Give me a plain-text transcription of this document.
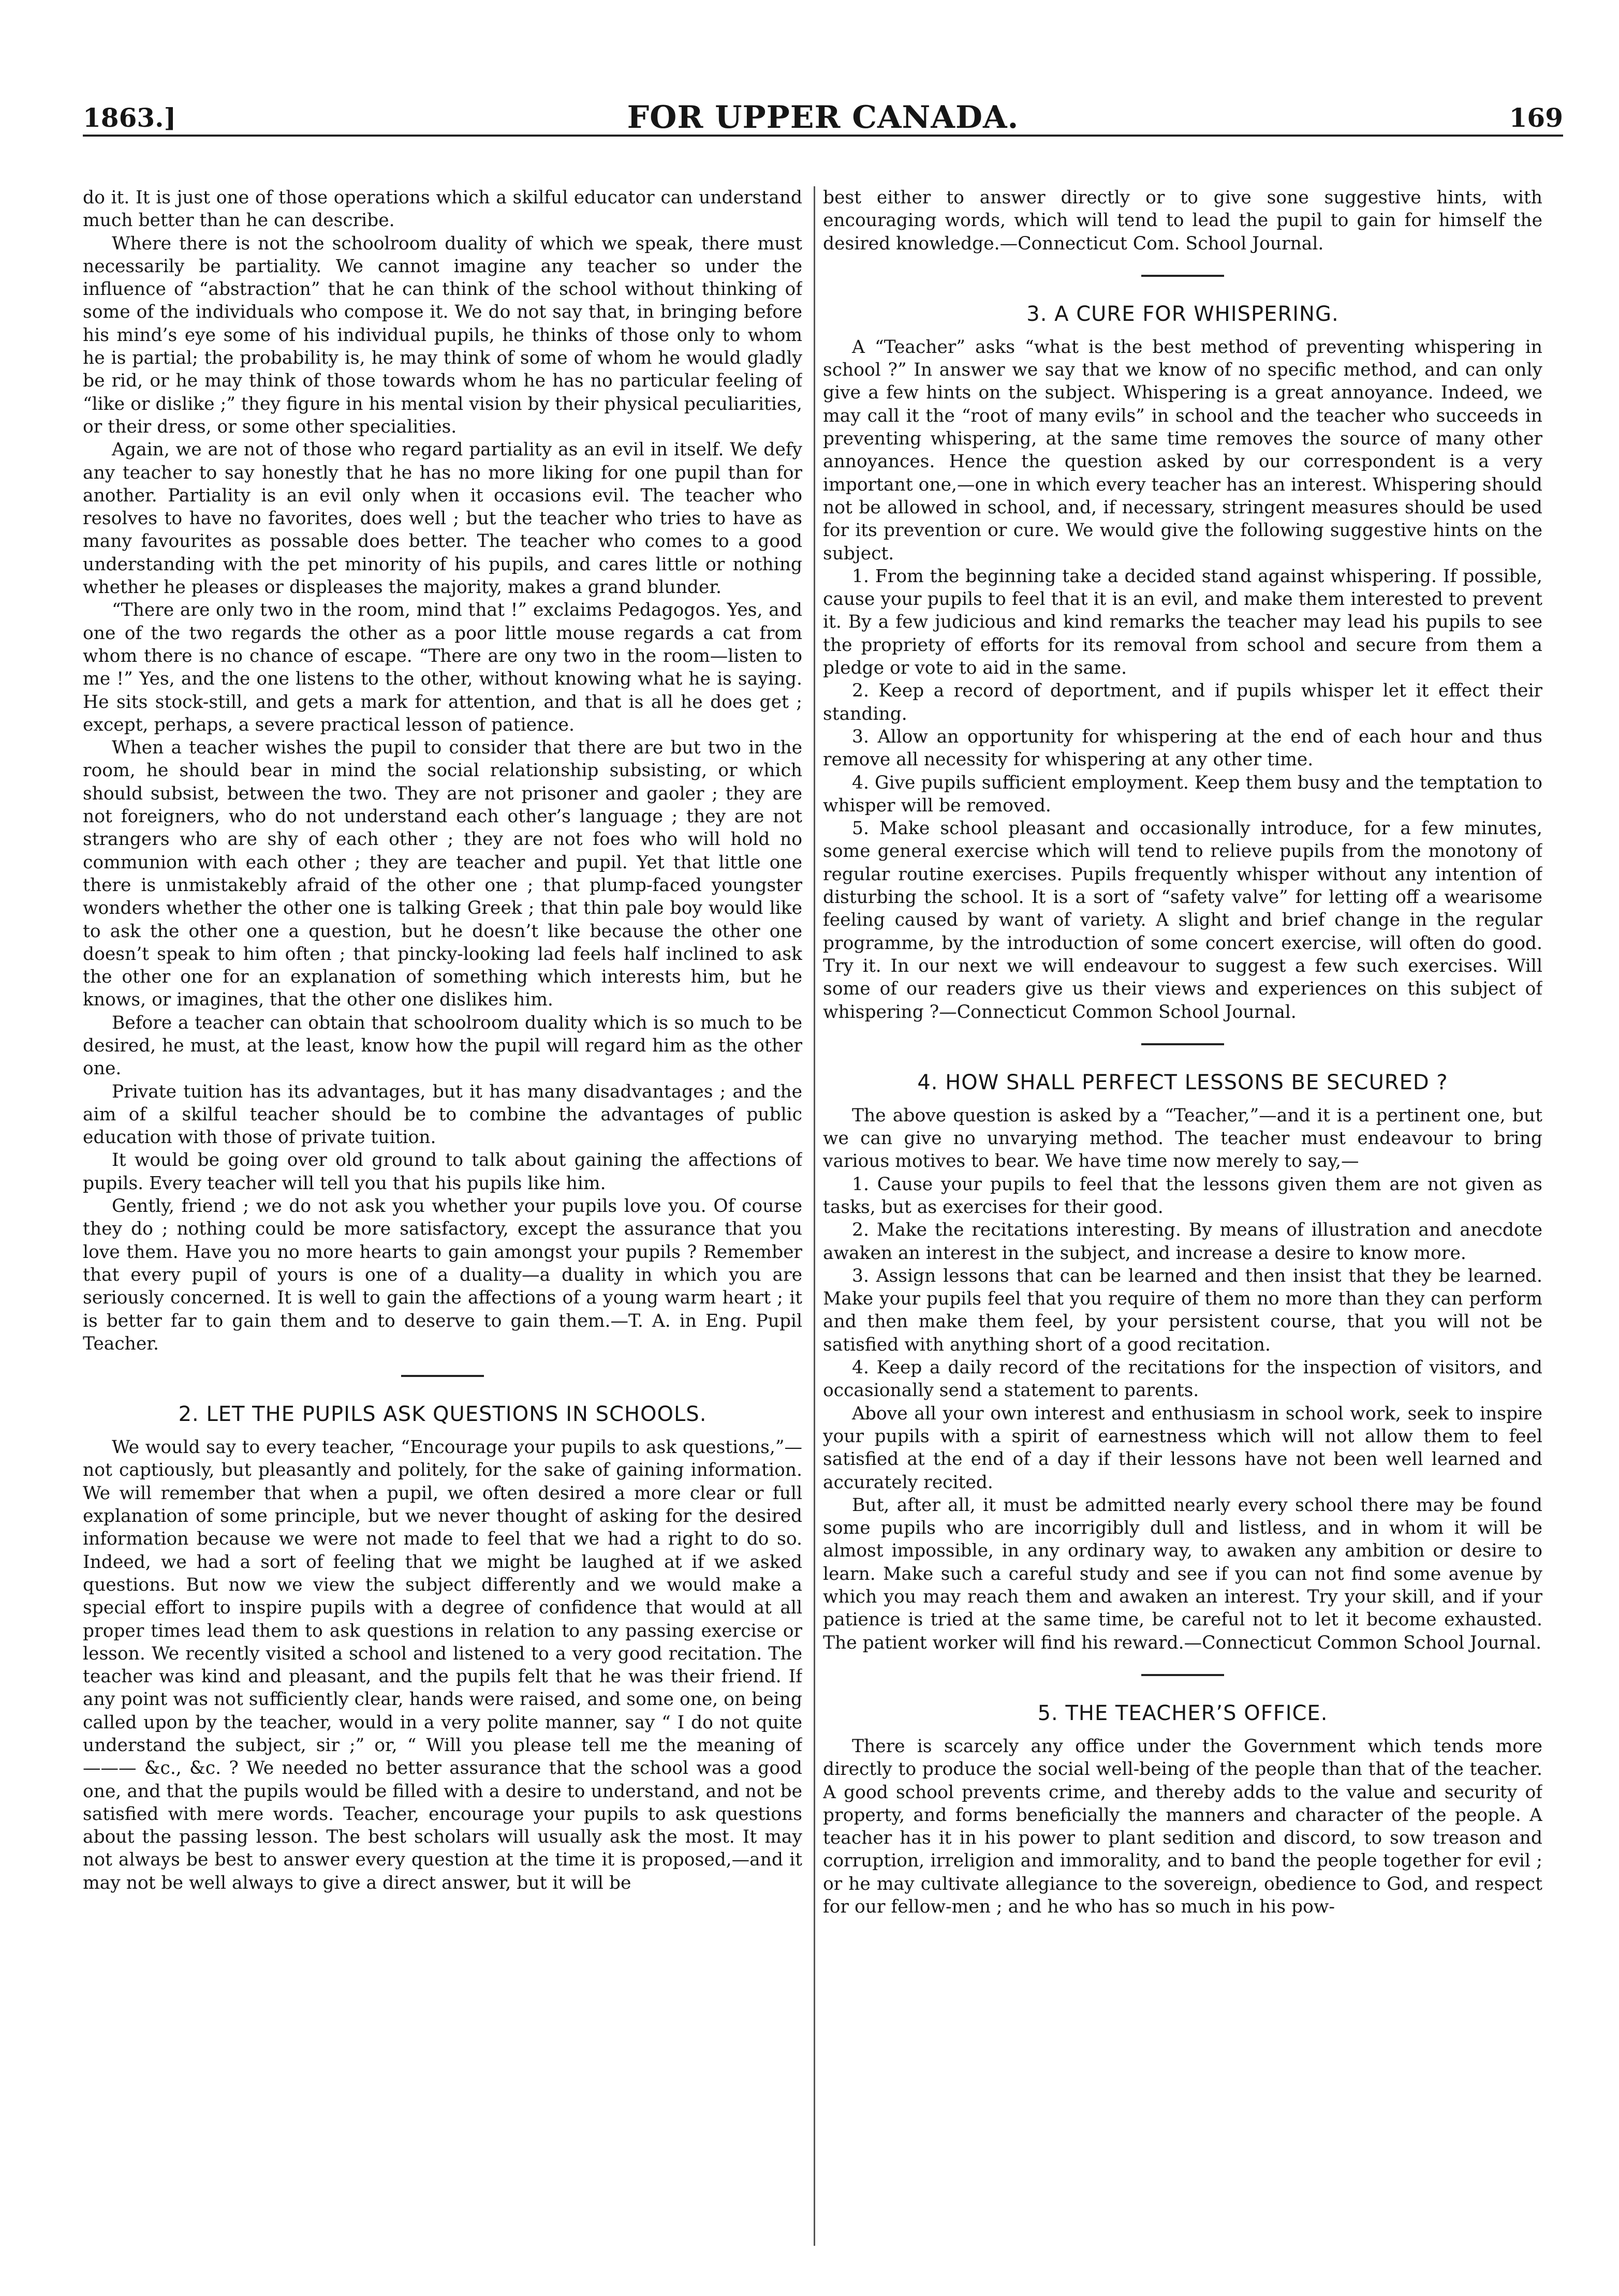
1863.]	FOR UPPER CANADA.	169

do it. It is just one of those operations which a skilful educator can understand much better than he can describe.

Where there is not the schoolroom duality of which we speak, there must necessarily be partiality. We cannot imagine any teacher so under the influence of “abstraction” that he can think of the school without thinking of some of the individuals who compose it. We do not say that, in bringing before his mind’s eye some of his individual pupils, he thinks of those only to whom he is partial; the probability is, he may think of some of whom he would gladly be rid, or he may think of those towards whom he has no particular feeling of “like or dislike ;” they figure in his mental vision by their physical peculiarities, or their dress, or some other specialities.

Again, we are not of those who regard partiality as an evil in itself. We defy any teacher to say honestly that he has no more liking for one pupil than for another. Partiality is an evil only when it occasions evil. The teacher who resolves to have no favorites, does well ; but the teacher who tries to have as many favourites as possable does better. The teacher who comes to a good understanding with the pet minority of his pupils, and cares little or nothing whether he pleases or displeases the majority, makes a grand blunder.

“There are only two in the room, mind that !” exclaims Pedagogos. Yes, and one of the two regards the other as a poor little mouse regards a cat from whom there is no chance of escape. “There are ony two in the room—listen to me !” Yes, and the one listens to the other, without knowing what he is saying. He sits stock-still, and gets a mark for attention, and that is all he does get ; except, perhaps, a severe practical lesson of patience.

When a teacher wishes the pupil to consider that there are but two in the room, he should bear in mind the social relationship subsisting, or which should subsist, between the two. They are not prisoner and gaoler ; they are not foreigners, who do not understand each other’s language ; they are not strangers who are shy of each other ; they are not foes who will hold no communion with each other ; they are teacher and pupil. Yet that little one there is unmistakebly afraid of the other one ; that plump-faced youngster wonders whether the other one is talking Greek ; that thin pale boy would like to ask the other one a question, but he doesn’t like because the other one doesn’t speak to him often ; that pincky-looking lad feels half inclined to ask the other one for an explanation of something which interests him, but he knows, or imagines, that the other one dislikes him.

Before a teacher can obtain that schoolroom duality which is so much to be desired, he must, at the least, know how the pupil will regard him as the other one.

Private tuition has its advantages, but it has many disadvantages ; and the aim of a skilful teacher should be to combine the advantages of public education with those of private tuition.

It would be going over old ground to talk about gaining the affections of pupils. Every teacher will tell you that his pupils like him.

Gently, friend ; we do not ask you whether your pupils love you. Of course they do ; nothing could be more satisfactory, except the assurance that you love them. Have you no more hearts to gain amongst your pupils ? Remember that every pupil of yours is one of a duality—a duality in which you are seriously concerned. It is well to gain the affections of a young warm heart ; it is better far to gain them and to deserve to gain them.—T. A. in Eng. Pupil Teacher.

2. LET THE PUPILS ASK QUESTIONS IN SCHOOLS.

We would say to every teacher, “Encourage your pupils to ask questions,”—not captiously, but pleasantly and politely, for the sake of gaining information. We will remember that when a pupil, we often desired a more clear or full explanation of some principle, but we never thought of asking for the desired information because we were not made to feel that we had a right to do so. Indeed, we had a sort of feeling that we might be laughed at if we asked questions. But now we view the subject differently and we would make a special effort to inspire pupils with a degree of confidence that would at all proper times lead them to ask questions in relation to any passing exercise or lesson. We recently visited a school and listened to a very good recitation. The teacher was kind and pleasant, and the pupils felt that he was their friend. If any point was not sufficiently clear, hands were raised, and some one, on being called upon by the teacher, would in a very polite manner, say “ I do not quite understand the subject, sir ;” or, “ Will you please tell me the meaning of ——— &c., &c. ? We needed no better assurance that the school was a good one, and that the pupils would be filled with a desire to understand, and not be satisfied with mere words. Teacher, encourage your pupils to ask questions about the passing lesson. The best scholars will usually ask the most. It may not always be best to answer every question at the time it is proposed,—and it may not be well always to give a direct answer, but it will be

best either to answer directly or to give sone suggestive hints, with encouraging words, which will tend to lead the pupil to gain for himself the desired knowledge.—Connecticut Com. School Journal.

3. A CURE FOR WHISPERING.

A “Teacher” asks “what is the best method of preventing whispering in school ?” In answer we say that we know of no specific method, and can only give a few hints on the subject. Whispering is a great annoyance. Indeed, we may call it the “root of many evils” in school and the teacher who succeeds in preventing whispering, at the same time removes the source of many other annoyances. Hence the question asked by our correspondent is a very important one,—one in which every teacher has an interest. Whispering should not be allowed in school, and, if necessary, stringent measures should be used for its prevention or cure. We would give the following suggestive hints on the subject.

1. From the beginning take a decided stand against whispering. If possible, cause your pupils to feel that it is an evil, and make them interested to prevent it. By a few judicious and kind remarks the teacher may lead his pupils to see the propriety of efforts for its removal from school and secure from them a pledge or vote to aid in the same.

2. Keep a record of deportment, and if pupils whisper let it effect their standing.

3. Allow an opportunity for whispering at the end of each hour and thus remove all necessity for whispering at any other time.

4. Give pupils sufficient employment. Keep them busy and the temptation to whisper will be removed.

5. Make school pleasant and occasionally introduce, for a few minutes, some general exercise which will tend to relieve pupils from the monotony of regular routine exercises. Pupils frequently whisper without any intention of disturbing the school. It is a sort of “safety valve” for letting off a wearisome feeling caused by want of variety. A slight and brief change in the regular programme, by the introduction of some concert exercise, will often do good. Try it. In our next we will endeavour to suggest a few such exercises. Will some of our readers give us their views and experiences on this subject of whispering ?—Connecticut Common School Journal.

4. HOW SHALL PERFECT LESSONS BE SECURED ?

The above question is asked by a “Teacher,”—and it is a pertinent one, but we can give no unvarying method. The teacher must endeavour to bring various motives to bear. We have time now merely to say,—

1. Cause your pupils to feel that the lessons given them are not given as tasks, but as exercises for their good.

2. Make the recitations interesting. By means of illustration and anecdote awaken an interest in the subject, and increase a desire to know more.

3. Assign lessons that can be learned and then insist that they be learned. Make your pupils feel that you require of them no more than they can perform and then make them feel, by your persistent course, that you will not be satisfied with anything short of a good recitation.

4. Keep a daily record of the recitations for the inspection of visitors, and occasionally send a statement to parents.

Above all your own interest and enthusiasm in school work, seek to inspire your pupils with a spirit of earnestness which will not allow them to feel satisfied at the end of a day if their lessons have not been well learned and accurately recited.

But, after all, it must be admitted nearly every school there may be found some pupils who are incorrigibly dull and listless, and in whom it will be almost impossible, in any ordinary way, to awaken any ambition or desire to learn. Make such a careful study and see if you can not find some avenue by which you may reach them and awaken an interest. Try your skill, and if your patience is tried at the same time, be careful not to let it become exhausted. The patient worker will find his reward.—Connecticut Common School Journal.

5. THE TEACHER’S OFFICE.

There is scarcely any office under the Government which tends more directly to produce the social well-being of the people than that of the teacher. A good school prevents crime, and thereby adds to the value and security of property, and forms beneficially the manners and character of the people. A teacher has it in his power to plant sedition and discord, to sow treason and corruption, irreligion and immorality, and to band the people together for evil ; or he may cultivate allegiance to the sovereign, obedience to God, and respect for our fellow-men ; and he who has so much in his pow-
